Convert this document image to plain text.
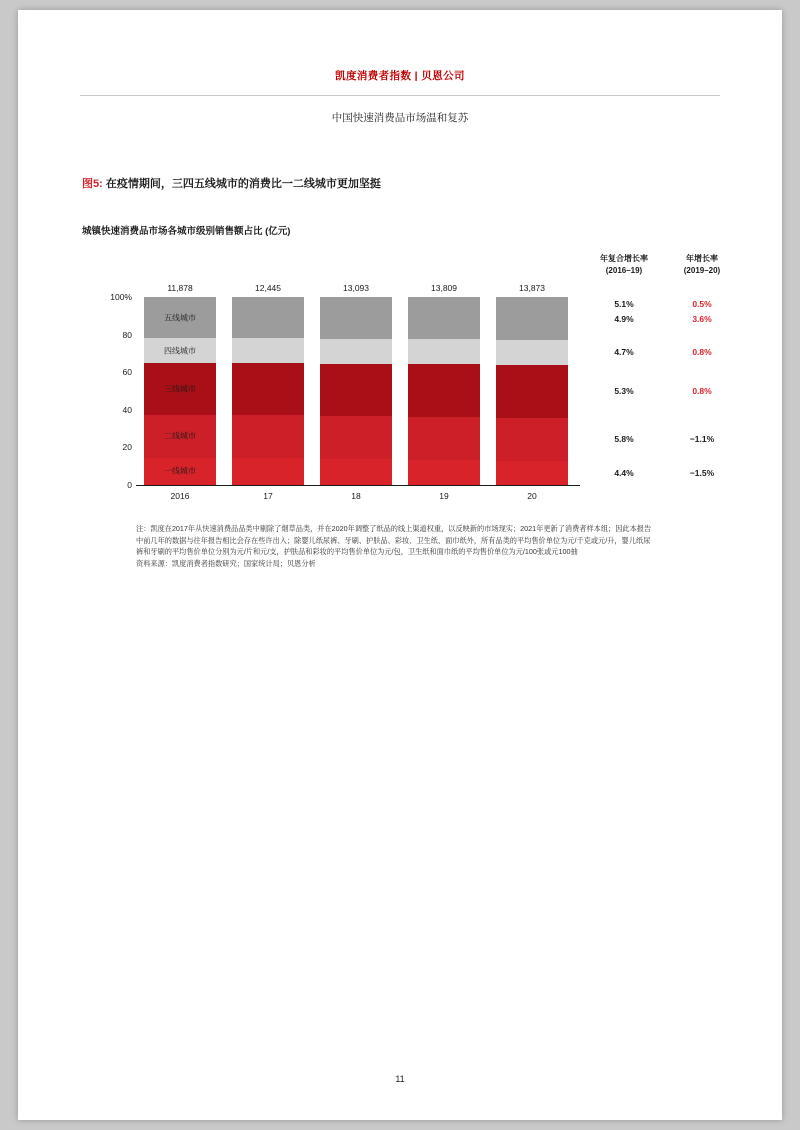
凯度消费者指数 | 贝恩公司
中国快速消费品市场温和复苏
图5: 在疫情期间，三四五线城市的消费比一二线城市更加坚挺
城镇快速消费品市场各城市级别销售额占比 (亿元)
年复合增长率
(2016–19)
年增长率
(2019–20)
0
20
40
60
80
100%
11,878
一线城市
二线城市
三线城市
四线城市
五线城市
12,445	13,093	13,809	13,873
5.1%	0.5%
4.9%	3.6%
4.7%	0.8%
5.3%	0.8%
5.8%	−1.1%
4.4%	−1.5%
2016	17	18	19	20

注：凯度在2017年从快速消费品品类中剔除了烟草品类，并在2020年调整了纸品的线上渠道权重，以反映新的市场现实；2021年更新了消费者样本组；因此本报告

中前几年的数据与往年报告相比会存在些许出入；除婴儿纸尿裤、牙刷、护肤品、彩妆、卫生纸、面巾纸外，所有品类的平均售价单位为元/千克或元/升，婴儿纸尿

裤和牙刷的平均售价单位分别为元/片和元/支，护肤品和彩妆的平均售价单位为元/包，卫生纸和面巾纸的平均售价单位为元/100张或元100抽

资料来源：凯度消费者指数研究；国家统计局；贝恩分析

11
